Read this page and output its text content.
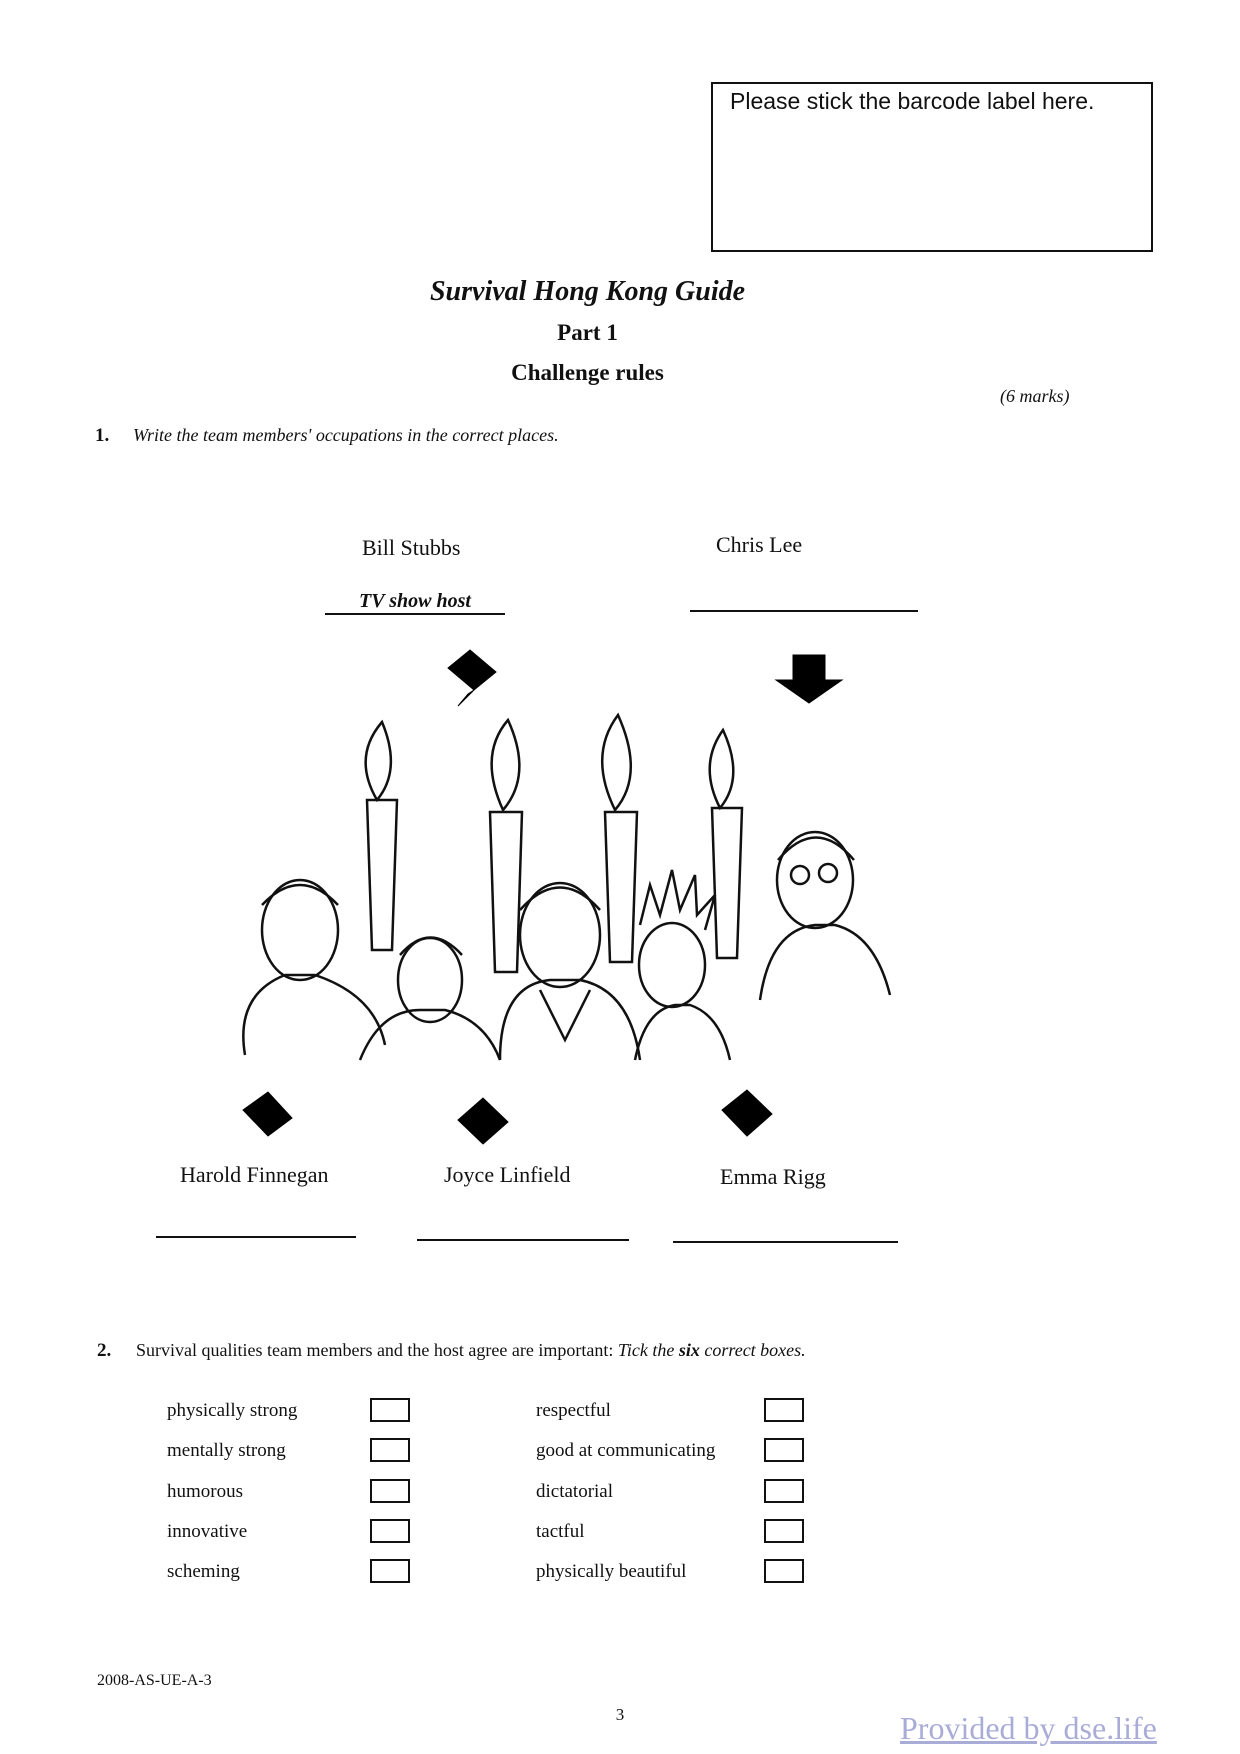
Please stick the barcode label here.
Survival Hong Kong Guide
Part 1
Challenge rules
(6 marks)
1. Write the team members' occupations in the correct places.
Bill Stubbs
TV show host
Chris Lee
Harold Finnegan	Joyce Linfield	Emma Rigg
2. Survival qualities team members and the host agree are important: Tick the six correct boxes.
physically strong
mentally strong
humorous
innovative
scheming
respectful
good at communicating
dictatorial
tactful
physically beautiful
2008-AS-UE-A-3
3	Provided by dse.life
